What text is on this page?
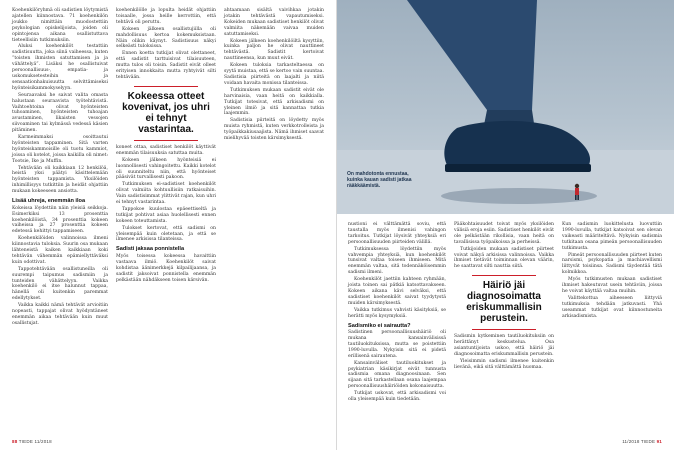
Koehenkilöryhmä oli sadistien löytymistä ajatellen kiinnostava. 71 koehenkilön joukko nimittäin muodostettiin psykologian opiskelijoista, joiden oli opintojensa aikana osallistuttava tieteellisiin tutkimuksiin.

Aluksi koehenkilöt testattiin sadistisuutta, joka siinä vaiheessa, kuten “toisten ihmisten satuttamisen ja ja vähättelyä”. Lisäksi he osallistuivat persoonallisuus-, empatia- ja uskomuksetesteihin ja sensaationhakuisuutta selvittämiseksi hyönteisikammokyselyyn.

Seuraavaksi he saivat valita omasta halustaan seuraavista työtehtävistä. Vaihtoehtoina olivat hyönteisten tuhoaminen, hyönteisten tuhoajan avustaminen, likaisten vessojen siivoaminen tai kylmässä vedessä käsien pitäminen.

Karmeimmaksi osoittautui hyönteisten tappaminen. Sitä varten hyönteiskammoisille oli tuotu kammiot, joissa oli kotelot, joissa kaikilla oli nimet: Tootsie, Ike ja Muffin.

Tehtävään oli kaikkiaan 12 henkilöä, heistä yksi päätyi käsittelemään hyönteisten tappamista. Yksilöiden inhimillisyys tutkittiin ja heidät ohjattiin mukaan kokeeseen ansiotta.

Lisää uhreja, enemmän iloa

Kokeissa löydettiin näin yleisiä seikkoja. Esimerkiksi 13 prosenttia koehenkilöistä, 34 prosenttia kokeen vaiheissa ja 27 prosenttia kokeen edetessä kehittyi tappamiseen.

Koehenkilöiden valinnoissa ilmeni kiinnostavia tuloksia. Suurin osa mukaan lähteneistä kaiken kaikkiaan koki tehtävän vähemmän epämiellyttäväksi kuin odottivat.

Tappotehtävään osallistuneilla oli suurempi taipumus sadismiin ja tunteiden vähättelyyn. Vaikka koehenkilö ei itse halunnut tappaa, hänellä oli kuitenkin paremmat edellytykset.

Vaikka kaikki nämä tehtävät arvioitiin nopeasti, tappajat olivat hyödyntäneet enemmän aikaa tehtävään kuin muut osallistujat.

koehenkilölle ja lopulta heidät ohjattiin toisaalle, jossa heille kerrottiin, että tehtävä oli peruttu.

Kokeen jälkeen osallistujiilla oli mahdollisuus kertoa kokemuksistaan. Näin olikin käynyt. Sadistisuus näkyi selkeästi tuloksissa.

Ennen koetta tutkijat olivat olettaneet, että sadistit tarttuisivat tilaisuuteen, mutta tulos oli toisin. Sadistit eivät olleet erityisen innokkaita mutta ryhtyivät silti tehtävään.

Kokeessa otteet kovenivat, jos uhri ei tehnyt vastarintaa.

koneet ottaa, sadistiset henkilöt käyttivät enemmän tilaisuuksia satuttaa muita.

Kokeen jälkeen hyönteisiä ei luonnollisesti vahingoitettu. Kaikki kotelot oli suunniteltu niin, että hyönteiset pääsivät turvallisesti pakoon.

Tutkimuksen ei-sadistiset koehenkilöt olivat valmiita kohtuullisiin ratkaisuihin. Vain sadistisimmat ylittivät rajan, kun uhri ei tehnyt vastarintaa.

Tappokoe kuulostaa epäeettiseltä ja tutkijat pohtivat asiaa huolellisesti ennen kokeen toteuttamista.

Tulokset kertovat, että sadismi on yleisempää kuin oletetaan, ja että se ilmenee arkisissa tilanteissa.

Sadisti jaksaa ponnistella

Myös toisessa kokeessa havaittiin vastaava ilmiö. Koehenkilöt saivat kohdistaa äänimerkkejä kilpailijaansa, ja sadistit jaksoivat ponnistella enemmän pelkästään nähdäkseen toisen kärsivän.

ahtaamaan sisältä vaivihkaa jotakin jotakin tehtävästä vapautumiseksi. Kokeiden mukaan sadistiset henkilöt olivat valmiita näkemään vaivaa muiden satuttamiseksi.

Kokeen jälkeen koehenkilöiltä kysyttiin, kuinka paljon he olivat nauttineet tehtävästä. Sadistit kertoivat nauttineensa, kun muut eivät.

Kokeen tuloksia tarkasteltaessa on syytä muistaa, että se kertoo vain suuntaa. Sadistisia piirteitä on laajalti ja niitä voidaan havaita monissa tilanteissa.

Tutkimuksen mukaan sadistit eivät ole harvinaisia, vaan heitä on kaikkialla. Tutkijat totesivat, että arkisadismi on yleinen ilmiö ja sitä kannattaa tutkia laajemmin.

Sadistisia piirteitä on löydetty myös muista ryhmistä, kuten verkkotrolleista ja työpaikkakiusaajista. Nämä ihmiset saavat mielihyvää toisten kärsimyksestä.

88 TIEDE 11/2018
On mahdotonta ennustaa, kuinka kauan sadisti jatkaa rääkkäämistä.

nustioni ei välttämättä soviu, että taustalla myös ilmenisi vahingon tarkoitus. Tutkijat löysivät yhteyksiä eri persoonallisuuden piirteiden välillä.

Tutkimuksessa löydettiin myös vahvempia yhteyksiä, kun koehenkilöt tunsivat valtaa toiseen ihmiseen. Mitä enemmän valtaa, sitä todennäköisemmin sadismi ilmeni.

Koehenkilöt jaettiin kahteen ryhmään, joista toinen sai pätkiä katsottavakseen. Kokeen aikana kävi selväksi, että sadistiset koehenkilöt saivat tyydytystä muiden kärsimyksestä.

Vaikka tutkimus vahvisti käsityksiä, se herätti myös kysymyksiä.

Sadismiko ei sairautta?

Sadistinen persoonallisuushäiriö oli mukana kansainvälisissä tautiluokituksissa, mutta se poistettiin 1990-luvulla. Nykyisin sitä ei pidetä erillisenä sairautena.

Kansainväliset tautiluokitukset ja psykiatrian käsikirjat eivät tunnusta sadismia omana diagnoosinaan. Sen sijaan sitä tarkastellaan osana laajempaa persoonallisuushäiriöiden kokonaisuutta.

Tutkijat uskovat, että arkisadismi voi olla yleisempää kuin tiedetään.

Pääkohtaisuudet toivat myös yksilöiden välisiä eroja esiin. Sadistiset henkilöt eivät ole pelkästään rikollisia, vaan heitä on tavallisissa työpaikoissa ja perheissä.

Tutkijoiden mukaan sadistiset piirteet voivat näkyä arkisissa valinnoissa. Vaikka ihmiset tietävät toiminnan olevan väärin, he saattavat silti nauttia siitä.

Häiriö jäi diagnosoimatta eriskummallisin perustein.

Sadismin kytkeminen tautiluokituksiin on herättänyt keskustelua. Osa asiantuntijoista uskoo, että häiriö jäi diagnosoimatta eriskummallisin perustein.

Yleisimmin sadismi ilmenee kuitenkin lievänä, eikä sitä välttämättä huomaa.

Kun sadismin luokittelusta luovuttiin 1990-luvulla, tutkijat katsoivat sen olevan vaikeasti määriteltävä. Nykyisin sadismia tutkitaan osana pimeän persoonallisuuden tutkimusta.

Pimeät persoonallisuuden piirteet kuten narsismi, psykopatia ja machiavellismi liittyvät toisiinsa. Sadismi täydentää tätä kolmikkoa.

Myös tutkimusten mukaan sadistiset ihmiset hakeutuvat usein tehtäviin, joissa he voivat käyttää valtaa muihin.

Valittekottua aiheeseen liittyviä tutkimuksia tehdään jatkuvasti. Yhä useammat tutkijat ovat kiinnostuneita arkisadismista.

11/2018 TIEDE 91
